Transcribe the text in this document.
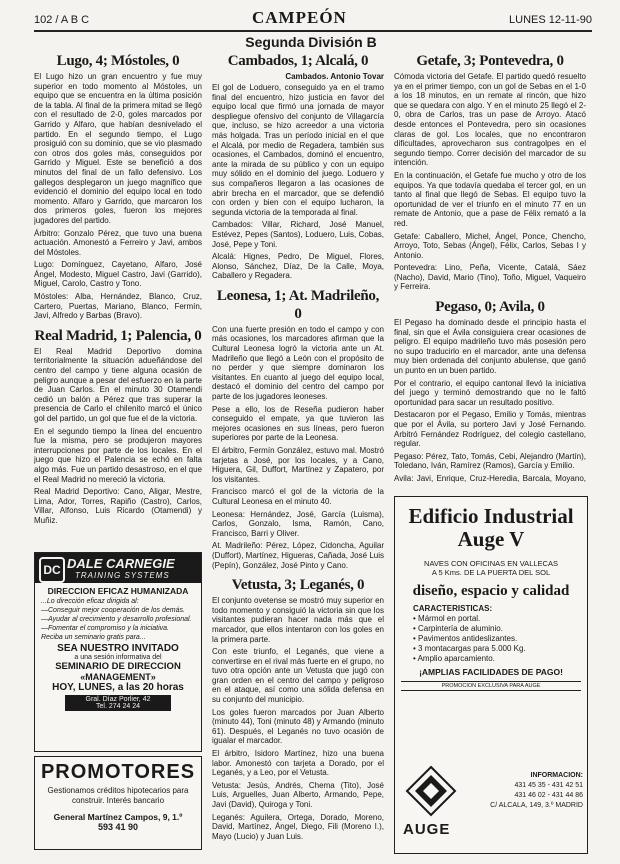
102 / A B C	CAMPEÓN	LUNES 12-11-90
Segunda División B
Lugo, 4; Móstoles, 0

El Lugo hizo un gran encuentro y fue muy superior en todo momento al Móstoles, un equipo que se encuentra en la última posición de la tabla. Al final de la primera mitad se llegó con el resultado de 2-0, goles marcados por Garrido y Alfaro, que habían desnivelado el partido. En el segundo tiempo, el Lugo prosiguió con su dominio, que se vio plasmado con otros dos goles más, conseguidos por Garrido y Miguel. Este se benefició a dos minutos del final de un fallo defensivo. Los gallegos desplegaron un juego magnífico que evidenció el dominio del equipo local en todo momento. Alfaro y Garrido, que marcaron los dos primeros goles, fueron los mejores jugadores del partido.

Árbitro: Gonzalo Pérez, que tuvo una buena actuación. Amonestó a Ferreiro y Javi, ambos del Móstoles.

Lugo: Domínguez, Cayetano, Alfaro, José Ángel, Modesto, Miguel Castro, Javi (Garrido), Miguel, Carolo, Castro y Tono.

Móstoles: Alba, Hernández, Blanco, Cruz, Cartero, Puertas, Mariano, Blanco, Fermín, Javi, Alfredo y Barbas (Bravo).

Real Madrid, 1; Palencia, 0

El Real Madrid Deportivo domina territorialmente la situación adueñándose del centro del campo y tiene alguna ocasión de peligro aunque a pesar del esfuerzo en la parte de Juan Carlos. En el minuto 30 Otamendi cedió un balón a Pérez que tras superar la presencia de Carlo el chilenito marcó el único gol del partido, un gol que fue el de la victoria.

En el segundo tiempo la línea del encuentro fue la misma, pero se produjeron mayores interrupciones por parte de los locales. En el juego que hizo el Palencia se echó en falta algo más. Fue un partido desastroso, en el que el Real Madrid no mereció la victoria.

Real Madrid Deportivo: Cano, Aligar, Mestre, Lima, Ador, Torres, Rapiño (Castro), Carlos, Villar, Alfonso, Luis Ricardo (Otamendi) y Muñiz.

DC DALE CARNEGIE
TRAINING SYSTEMS
DIRECCION EFICAZ HUMANIZADA
...Lo dirección eficaz dirigida al:
—Conseguir mejor cooperación de los demás.
—Ayudar al crecimiento y desarrollo profesional.
—Fomentar el compromiso y la iniciativa.
Reciba un seminario gratis para...
SEA NUESTRO INVITADO
a una sesión informativa del
SEMINARIO DE DIRECCION
«MANAGEMENT»
HOY, LUNES, a las 20 horas
Gral. Díaz Porlier, 42
Tel. 274 24 24
PROMOTORES
Gestionamos créditos hipotecarios para construir. Interés bancario
General Martínez Campos, 9, 1.º
593 41 90
Cambados, 1; Alcalá, 0
Cambados. Antonio Tovar

El gol de Loduero, conseguido ya en el tramo final del encuentro, hizo justicia en favor del equipo local que firmó una jornada de mayor despliegue ofensivo del conjunto de Villagarcía que, incluso, se hizo acreedor a una victoria más holgada. Tras un período inicial en el que el Alcalá, por medio de Regadera, también sus ocasiones, el Cambados, dominó el encuentro, ante la mirada de su público y con un equipo muy sólido en el dominio del juego. Loduero y sus compañeros llegaron a las ocasiones de abrir brecha en el marcador, que se defendió con orden y bien con el equipo lucharon, la segunda victoria de la temporada al final.

Cambados: Villar, Richard, José Manuel, Estévez, Pepes (Santos), Loduero, Luis, Cobas, José, Pepe y Toni.

Alcalá: Hignes, Pedro, De Miguel, Flores, Alonso, Sánchez, Díaz, De la Calle, Moya, Caballero y Regadera.

Leonesa, 1; At. Madrileño, 0

Con una fuerte presión en todo el campo y con más ocasiones, los marcadores afirman que la Cultural Leonesa logró la victoria ante un At. Madrileño que llegó a León con el propósito de no perder y que siempre dominaron los visitantes. En cuanto al juego del equipo local, destacó el dominio del centro del campo por parte de los jugadores leoneses.

Pese a ello, los de Reseña pudieron haber conseguido el empate, ya que tuvieron las mejores ocasiones en sus líneas, pero fueron superiores por parte de la Leonesa.

El árbitro, Fermín González, estuvo mal. Mostró tarjetas a José, por los locales, y a Cano, Higuera, Gil, Duffort, Martínez y Zapatero, por los visitantes.

Francisco marcó el gol de la victoria de la Cultural Leonesa en el minuto 40.

Leonesa: Hernández, José, García (Luisma), Carlos, Gonzalo, Isma, Ramón, Cano, Francisco, Barri y Oliver.

At. Madrileño: Pérez, López, Cidoncha, Aguilar (Duffort), Martínez, Higueras, Cañada, José Luis (Pepín), González, José Pinto y Cano.

Vetusta, 3; Leganés, 0

El conjunto ovetense se mostró muy superior en todo momento y consiguió la victoria sin que los visitantes pudieran hacer nada más que el marcador, que ellos intentaron con los goles en la primera parte.

Con este triunfo, el Leganés, que viene a convertirse en el rival más fuerte en el grupo, no tuvo otra opción ante un Vetusta que jugó con gran orden en el centro del campo y peligroso en el ataque, así como una sólida defensa en su conjunto del municipio.

Los goles fueron marcados por Juan Alberto (minuto 44), Toni (minuto 48) y Armando (minuto 61). Después, el Leganés no tuvo ocasión de igualar el marcador.

El árbitro, Isidoro Martínez, hizo una buena labor. Amonestó con tarjeta a Dorado, por el Leganés, y a Leo, por el Vetusta.

Vetusta: Jesús, Andrés, Chema (Tito), José Luis, Arguelles, Juan Alberto, Armando, Pepe, Javi (David), Quiroga y Toni.

Leganés: Aguilera, Ortega, Dorado, Moreno, David, Martínez, Ángel, Diego, Fili (Moreno I.), Mayo (Lucio) y Juan Luis.

Getafe, 3; Pontevedra, 0

Cómoda victoria del Getafe. El partido quedó resuelto ya en el primer tiempo, con un gol de Sebas en el 1-0 a los 18 minutos, en un remate al rincón, que hizo que se quedara con algo. Y en el minuto 25 llegó el 2-0, obra de Carlos, tras un pase de Arroyo. Atacó desde entonces el Pontevedra, pero sin ocasiones claras de gol. Los locales, que no encontraron dificultades, aprovecharon sus contragolpes en el segundo tiempo. Correr decisión del marcador de su intención.

En la continuación, el Getafe fue mucho y otro de los equipos. Ya que todavía quedaba el tercer gol, en un tanto al final que llegó de Sebas. El equipo tuvo la oportunidad de ver el triunfo en el minuto 77 en un remate de Antonio, que a pase de Félix remató a la red.

Getafe: Caballero, Michel, Ángel, Ponce, Chencho, Arroyo, Toto, Sebas (Ángel), Félix, Carlos, Sebas I y Antonio.

Pontevedra: Lino, Peña, Vicente, Catalá, Sáez (Nacho), David, Mario (Tino), Toño, Miguel, Vaqueiro y Ferreira.

Pegaso, 0; Avila, 0

El Pegaso ha dominado desde el principio hasta el final, sin que el Ávila consiguiera crear ocasiones de peligro. El equipo madrileño tuvo más posesión pero no supo traducirlo en el marcador, ante una defensa muy bien ordenada del conjunto abulense, que ganó un punto en un buen partido.

Por el contrario, el equipo cantonal llevó la iniciativa del juego y terminó demostrando que no le faltó oportunidad para sacar un resultado positivo.

Destacaron por el Pegaso, Emilio y Tomás, mientras que por el Ávila, su portero Javi y José Fernando. Arbitró Fernández Rodríguez, del colegio castellano, regular.

Pegaso: Pérez, Tato, Tomás, Cebi, Alejandro (Martín), Toledano, Iván, Ramírez (Ramos), García y Emilio.

Avila: Javi, Enrique, Cruz-Heredia, Barcala, Moyano,

Edificio Industrial
Auge V
NAVES CON OFICINAS EN VALLECAS
A 5 Kms. DE LA PUERTA DEL SOL
diseño, espacio y calidad
CARACTERISTICAS:
• Mármol en portal.
• Carpintería de aluminio.
• Pavimentos antideslizantes.
• 3 montacargas para 5.000 Kg.
• Amplio aparcamiento.
¡AMPLIAS FACILIDADES DE PAGO!
PROMOCION EXCLUSIVA PARA AUGE
AUGE
INFORMACION:
431 45 35 - 431 42 51
431 46 02 - 431 44 86
C/ ALCALA, 149, 3.º MADRID
